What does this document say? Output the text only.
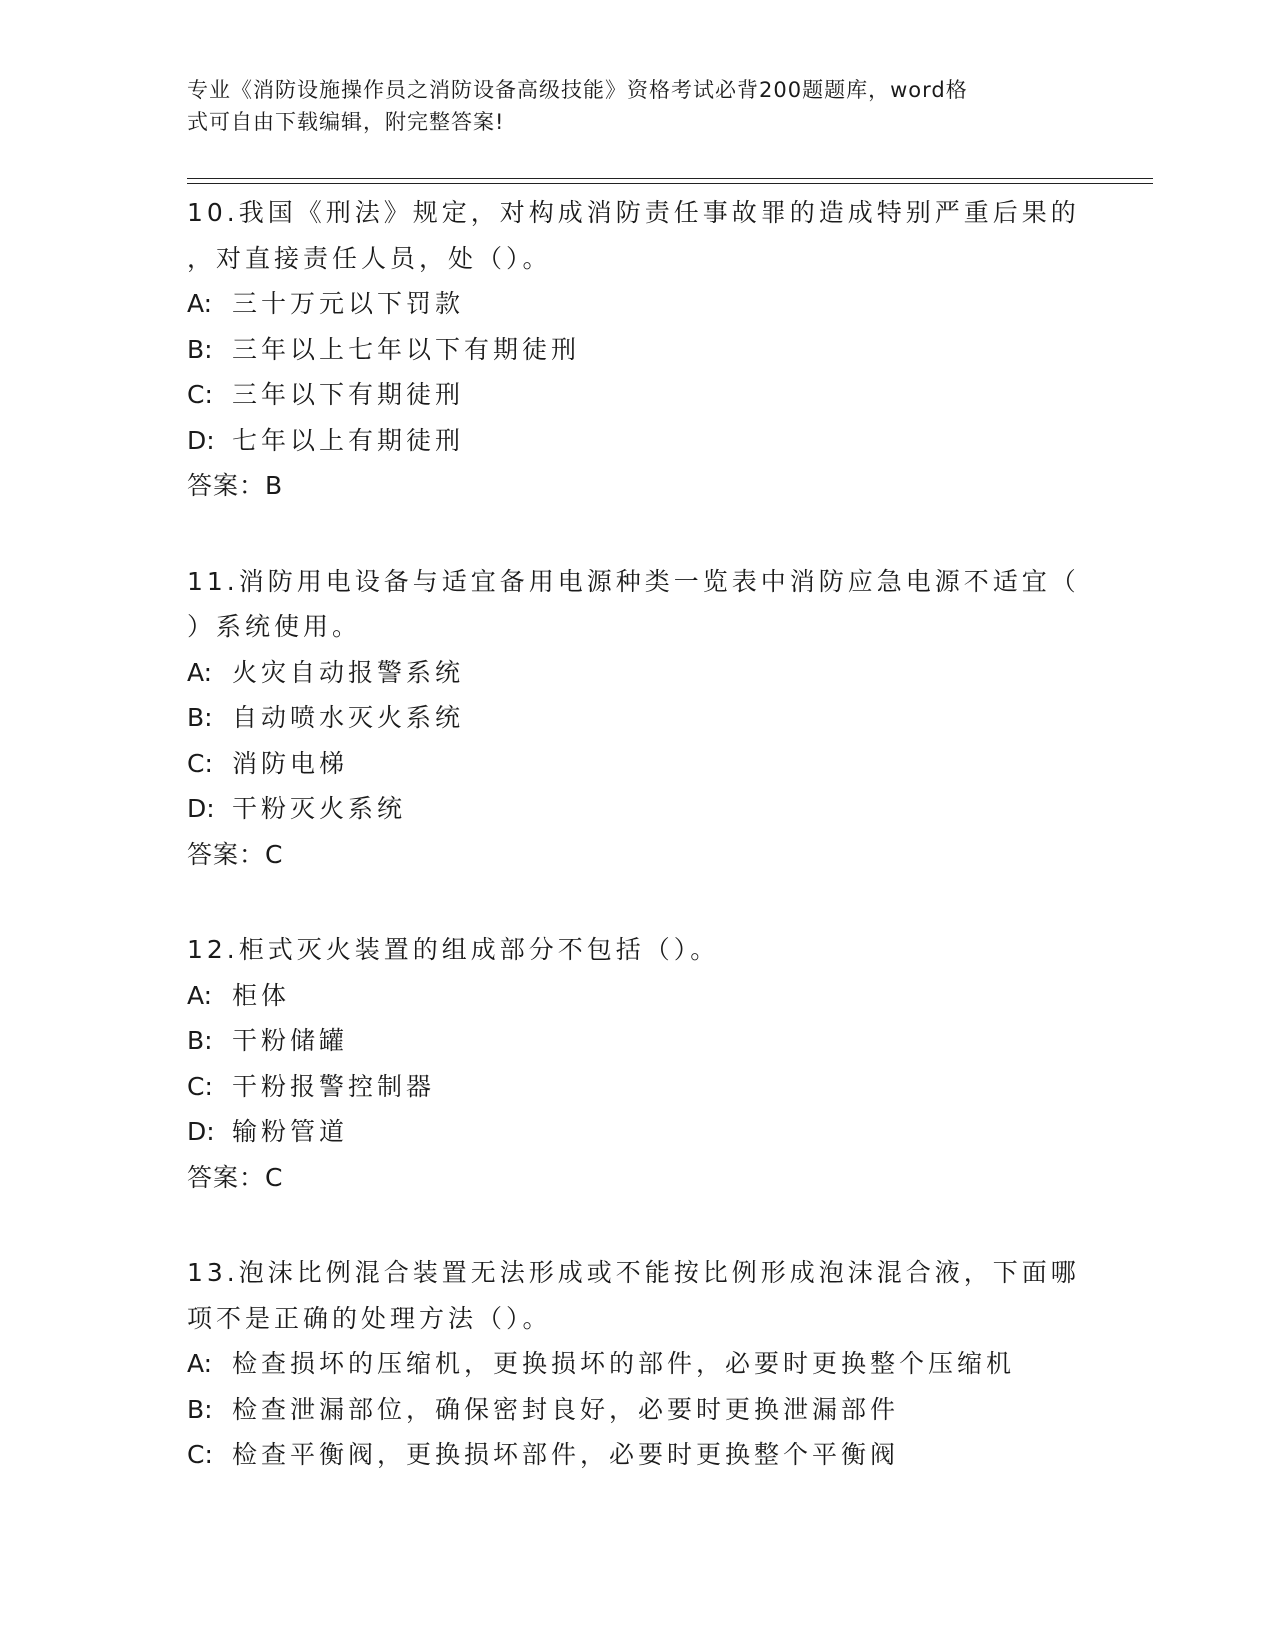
专业《消防设施操作员之消防设备高级技能》资格考试必背200题题库，word格
式可自由下载编辑，附完整答案!
10.我国《刑法》规定，对构成消防责任事故罪的造成特别严重后果的
，对直接责任人员，处（）。
A: 三十万元以下罚款
B: 三年以上七年以下有期徒刑
C: 三年以下有期徒刑
D: 七年以上有期徒刑
答案：B
11.消防用电设备与适宜备用电源种类一览表中消防应急电源不适宜（
）系统使用。
A: 火灾自动报警系统
B: 自动喷水灭火系统
C: 消防电梯
D: 干粉灭火系统
答案：C
12.柜式灭火装置的组成部分不包括（）。
A: 柜体
B: 干粉储罐
C: 干粉报警控制器
D: 输粉管道
答案：C
13.泡沫比例混合装置无法形成或不能按比例形成泡沫混合液，下面哪
项不是正确的处理方法（）。
A: 检查损坏的压缩机，更换损坏的部件，必要时更换整个压缩机
B: 检查泄漏部位，确保密封良好，必要时更换泄漏部件
C: 检查平衡阀，更换损坏部件，必要时更换整个平衡阀
